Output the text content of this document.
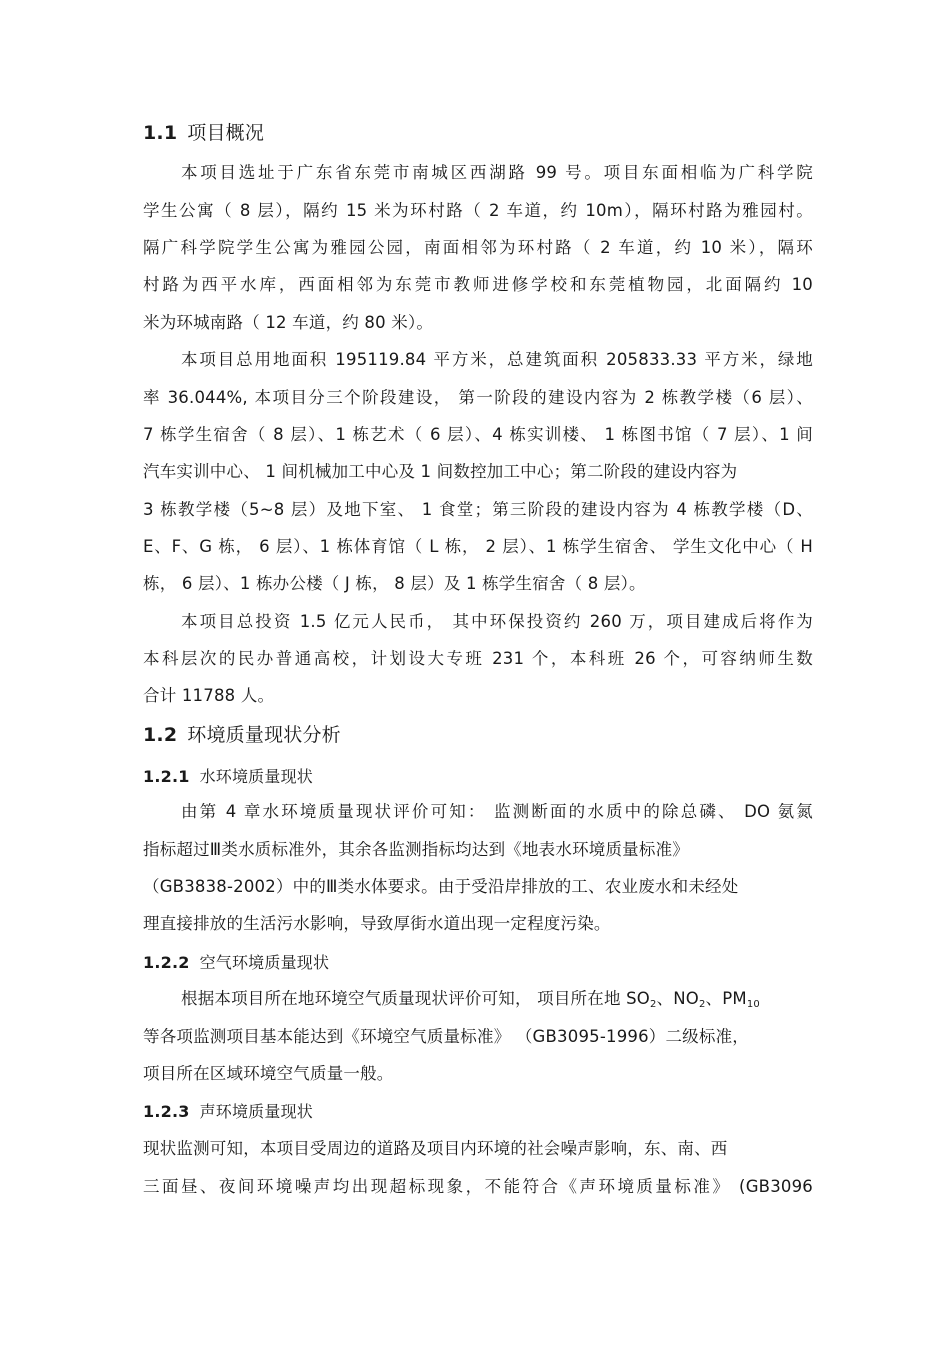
1.1 项目概况
本项目选址于广东省东莞市南城区西湖路 99 号。项目东面相临为广科学院
学生公寓（ 8 层），隔约 15 米为环村路（ 2 车道，约 10m），隔环村路为雅园村。
隔广科学院学生公寓为雅园公园，南面相邻为环村路（ 2 车道，约 10 米），隔环
村路为西平水库，西面相邻为东莞市教师进修学校和东莞植物园，北面隔约 10
米为环城南路（ 12 车道，约 80 米）。
本项目总用地面积 195119.84 平方米，总建筑面积 205833.33 平方米，绿地
率 36.044%, 本项目分三个阶段建设， 第一阶段的建设内容为 2 栋教学楼（6 层）、
7 栋学生宿舍（ 8 层）、1 栋艺术（ 6 层）、4 栋实训楼、 1 栋图书馆（ 7 层）、1 间
汽车实训中心、 1 间机械加工中心及 1 间数控加工中心；第二阶段的建设内容为
3 栋教学楼（5~8 层）及地下室、 1 食堂；第三阶段的建设内容为 4 栋教学楼（D、
E、F、G 栋， 6 层）、1 栋体育馆（ L 栋， 2 层）、1 栋学生宿舍、 学生文化中心（ H
栋， 6 层）、1 栋办公楼（ J 栋， 8 层）及 1 栋学生宿舍（ 8 层）。
本项目总投资 1.5 亿元人民币， 其中环保投资约 260 万，项目建成后将作为
本科层次的民办普通高校，计划设大专班 231 个，本科班 26 个，可容纳师生数
合计 11788 人。
1.2 环境质量现状分析
1.2.1 水环境质量现状
由第 4 章水环境质量现状评价可知： 监测断面的水质中的除总磷、 DO 氨氮
指标超过Ⅲ类水质标准外，其余各监测指标均达到《地表水环境质量标准》
（GB3838-2002）中的Ⅲ类水体要求。由于受沿岸排放的工、农业废水和未经处
理直接排放的生活污水影响，导致厚街水道出现一定程度污染。
1.2.2 空气环境质量现状
根据本项目所在地环境空气质量现状评价可知， 项目所在地 $SO_2$、$NO_2$、$PM_{10}$
等各项监测项目基本能达到《环境空气质量标准》 （GB3095-1996）二级标准，
项目所在区域环境空气质量一般。
1.2.3 声环境质量现状
现状监测可知，本项目受周边的道路及项目内环境的社会噪声影响，东、南、西
三面昼、夜间环境噪声均出现超标现象，不能符合《声环境质量标准》 (GB3096
